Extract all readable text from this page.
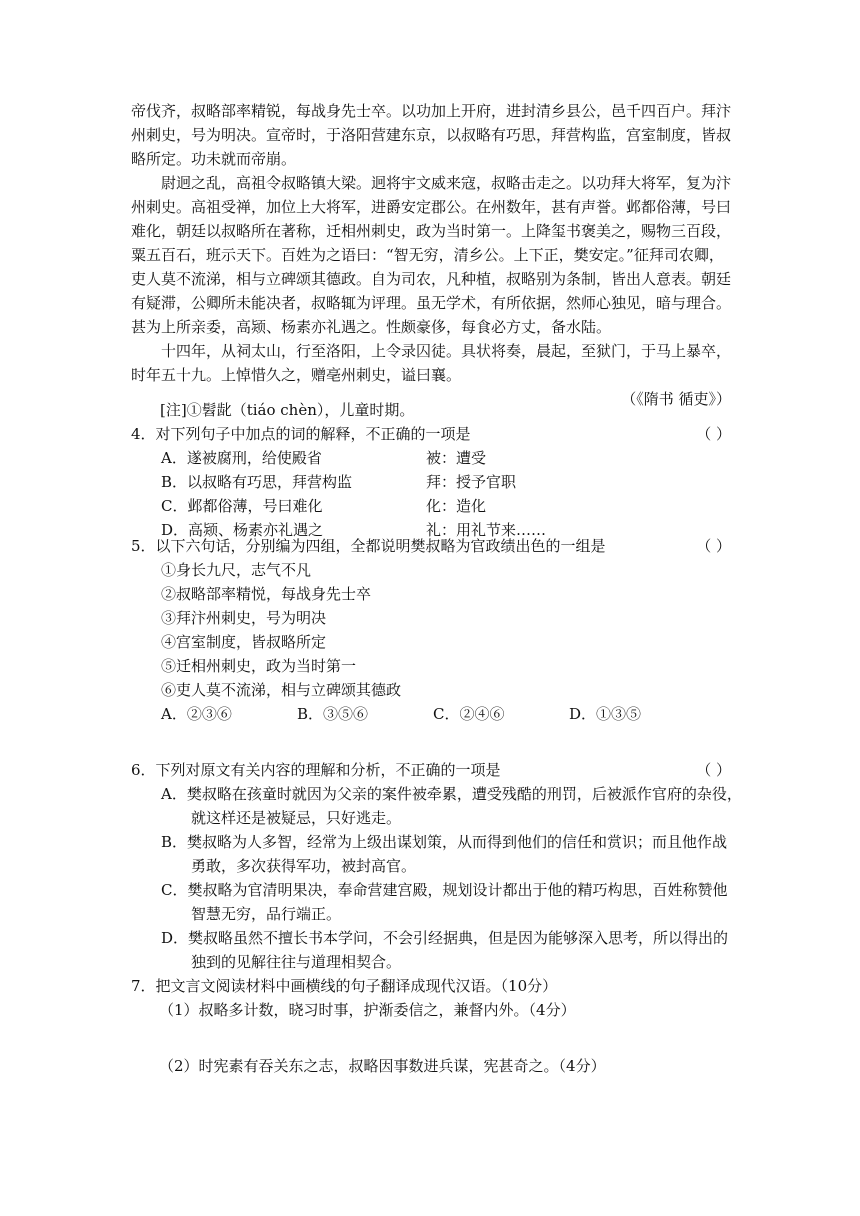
帝伐齐，叔略部率精锐，每战身先士卒。以功加上开府，进封清乡县公，邑千四百户。拜汴
州刺史，号为明决。宣帝时，于洛阳营建东京，以叔略有巧思，拜营构监，宫室制度，皆叔
略所定。功未就而帝崩。
尉迥之乱，高祖令叔略镇大梁。迥将宇文威来寇，叔略击走之。以功拜大将军，复为汴
州刺史。高祖受禅，加位上大将军，进爵安定郡公。在州数年，甚有声誉。邺都俗薄，号曰
难化，朝廷以叔略所在著称，迁相州刺史，政为当时第一。上降玺书褒美之，赐物三百段，
粟五百石，班示天下。百姓为之语曰：“智无穷，清乡公。上下正，樊安定。”征拜司农卿，
吏人莫不流涕，相与立碑颂其德政。自为司农，凡种植，叔略别为条制，皆出人意表。朝廷
有疑滞，公卿所未能决者，叔略辄为评理。虽无学术，有所依据，然师心独见，暗与理合。
甚为上所亲委，高颎、杨素亦礼遇之。性颇豪侈，每食必方丈，备水陆。
十四年，从祠太山，行至洛阳，上令录囚徒。具状将奏，晨起，至狱门，于马上暴卒，
时年五十九。上悼惜久之，赠亳州刺史，谥曰襄。
（《隋书 循吏》）
[注]①髫龀（tiáo chèn），儿童时期。
4．对下列句子中加点的词的解释，不正确的一项是	（ ）
A．遂被腐刑，给使殿省	被：遭受
B．以叔略有巧思，拜营构监	拜：授予官职
C．邺都俗薄，号曰难化	化：造化
D．高颎、杨素亦礼遇之	礼：用礼节来……
5．以下六句话，分别编为四组，全都说明樊叔略为官政绩出色的一组是	（ ）
①身长九尺，志气不凡
②叔略部率精悦，每战身先士卒
③拜汴州刺史，号为明决
④宫室制度，皆叔略所定
⑤迁相州刺史，政为当时第一
⑥吏人莫不流涕，相与立碑颂其德政
A．②③⑥	B．③⑤⑥	C．②④⑥	D．①③⑤
6．下列对原文有关内容的理解和分析，不正确的一项是	（ ）
A．樊叔略在孩童时就因为父亲的案件被牵累，遭受残酷的刑罚，后被派作官府的杂役，
就这样还是被疑忌，只好逃走。
B．樊叔略为人多智，经常为上级出谋划策，从而得到他们的信任和赏识；而且他作战
勇敢，多次获得军功，被封高官。
C．樊叔略为官清明果决，奉命营建宫殿，规划设计都出于他的精巧构思，百姓称赞他
智慧无穷，品行端正。
D．樊叔略虽然不擅长书本学问，不会引经据典，但是因为能够深入思考，所以得出的
独到的见解往往与道理相契合。
7．把文言文阅读材料中画横线的句子翻译成现代汉语。（10分）
（1）叔略多计数，晓习时事，护渐委信之，兼督内外。（4分）
（2）时宪素有吞关东之志，叔略因事数进兵谋，宪甚奇之。（4分）
